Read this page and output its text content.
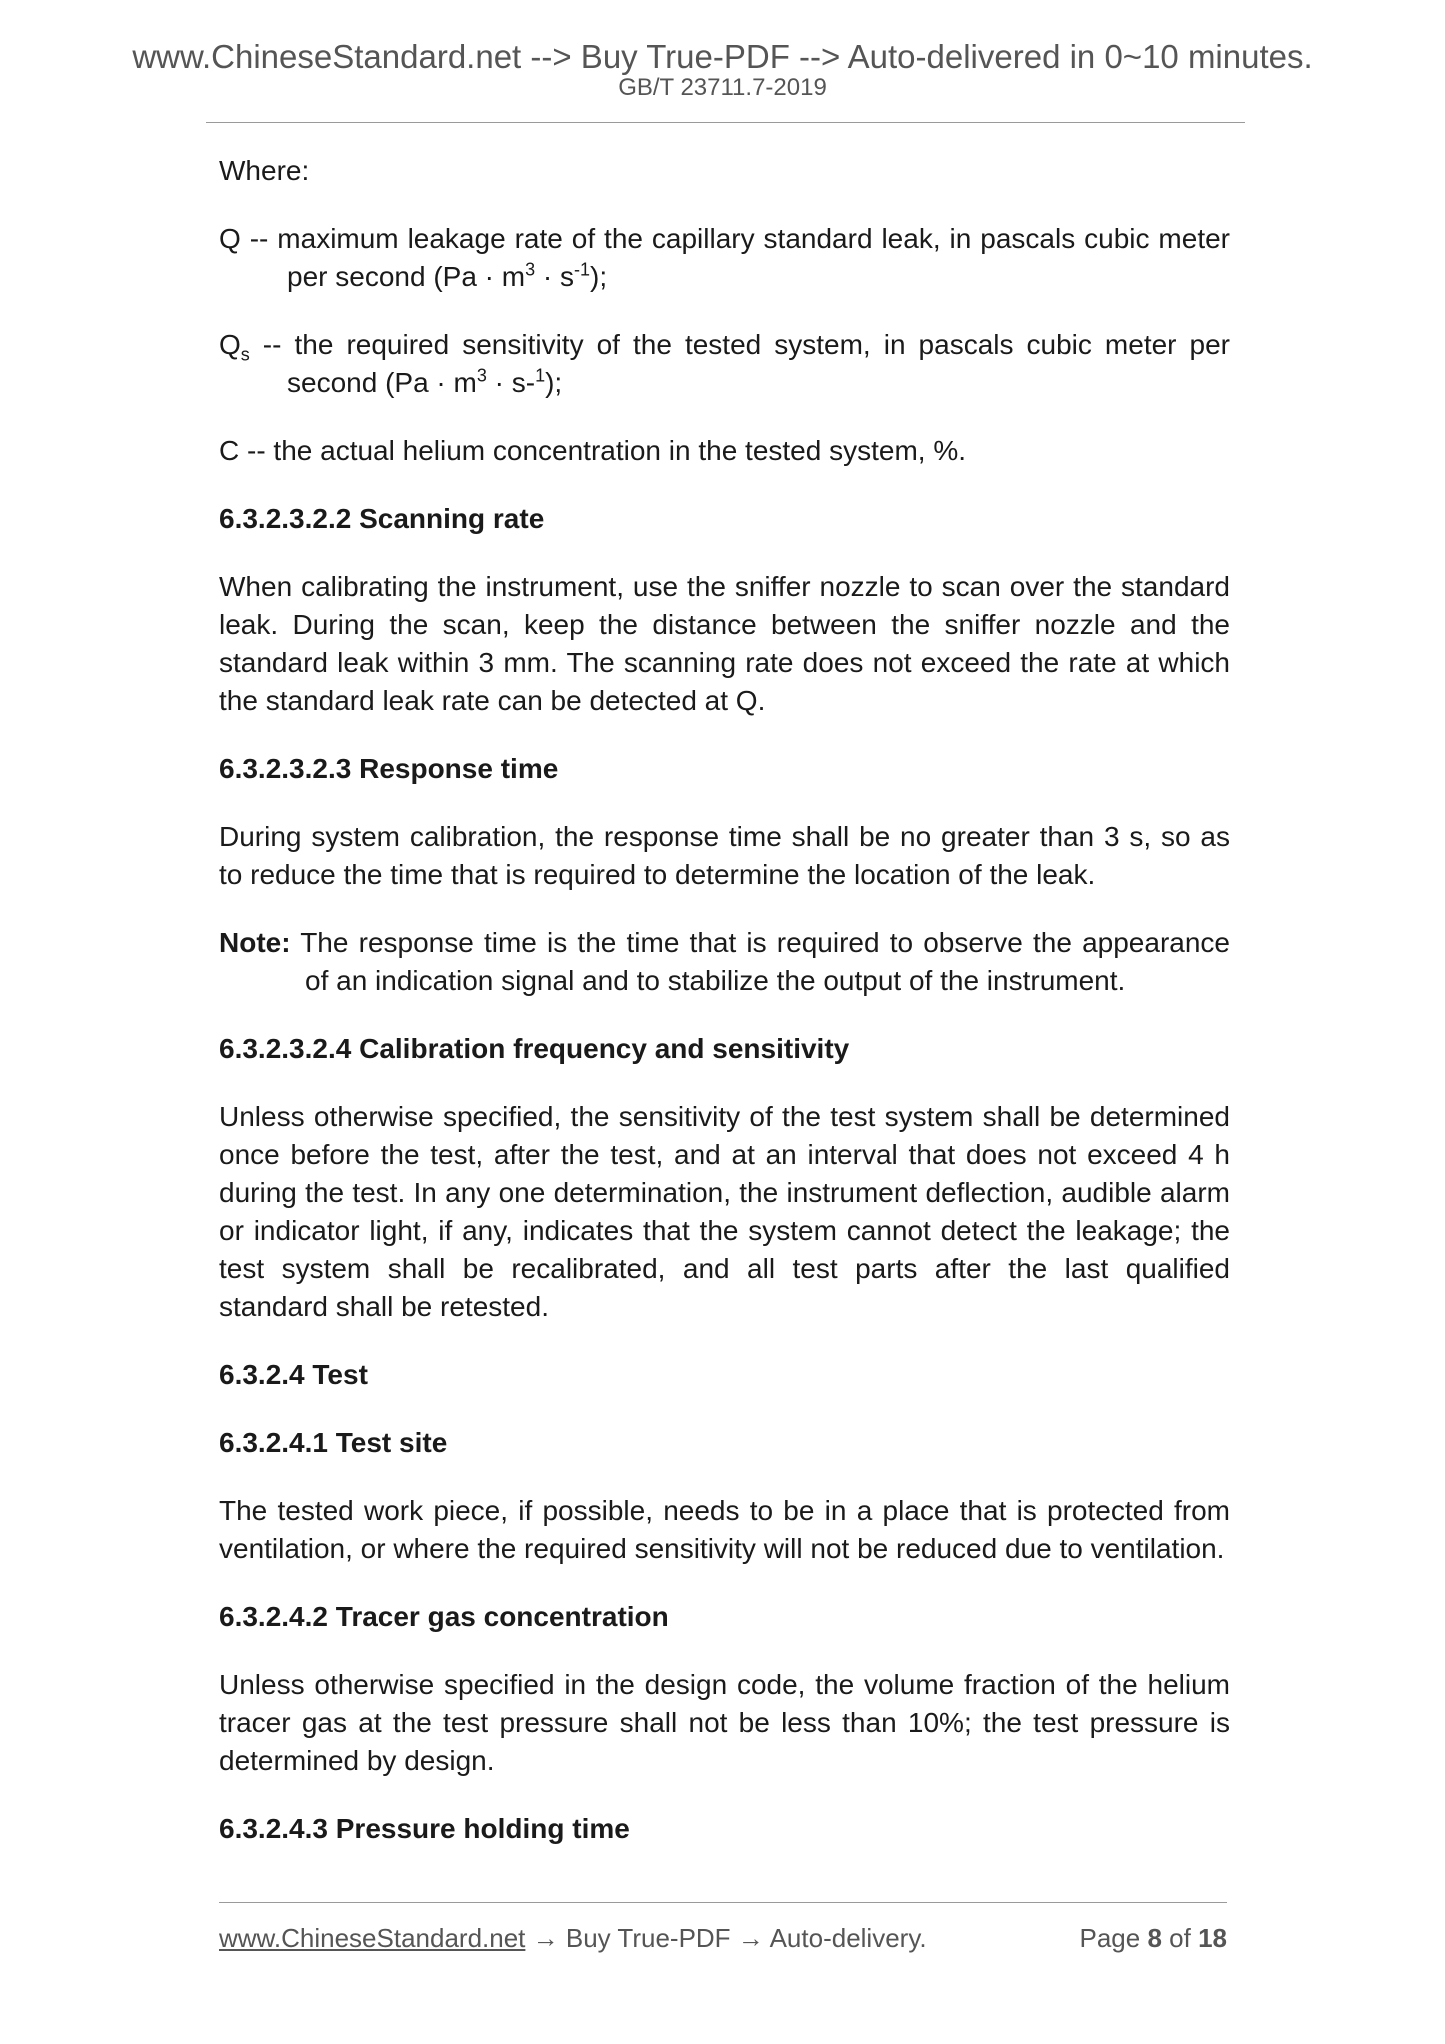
www.ChineseStandard.net --> Buy True-PDF --> Auto-delivered in 0~10 minutes.
GB/T 23711.7-2019

Where:

Q -- maximum leakage rate of the capillary standard leak, in pascals cubic meter per second $(Pa \cdot m^3 \cdot s^{-1})$;

$Q_s$ -- the required sensitivity of the tested system, in pascals cubic meter per second $(Pa \cdot m^3 \cdot s-^1)$;

C -- the actual helium concentration in the tested system, %.

6.3.2.3.2.2 Scanning rate

When calibrating the instrument, use the sniffer nozzle to scan over the standard leak. During the scan, keep the distance between the sniffer nozzle and the standard leak within 3 mm. The scanning rate does not exceed the rate at which the standard leak rate can be detected at Q.

6.3.2.3.2.3 Response time

During system calibration, the response time shall be no greater than 3 s, so as to reduce the time that is required to determine the location of the leak.

Note: The response time is the time that is required to observe the appearance of an indication signal and to stabilize the output of the instrument.

6.3.2.3.2.4 Calibration frequency and sensitivity

Unless otherwise specified, the sensitivity of the test system shall be determined once before the test, after the test, and at an interval that does not exceed 4 h during the test. In any one determination, the instrument deflection, audible alarm or indicator light, if any, indicates that the system cannot detect the leakage; the test system shall be recalibrated, and all test parts after the last qualified standard shall be retested.

6.3.2.4 Test

6.3.2.4.1 Test site

The tested work piece, if possible, needs to be in a place that is protected from ventilation, or where the required sensitivity will not be reduced due to ventilation.

6.3.2.4.2 Tracer gas concentration

Unless otherwise specified in the design code, the volume fraction of the helium tracer gas at the test pressure shall not be less than 10%; the test pressure is determined by design.

6.3.2.4.3 Pressure holding time

www.ChineseStandard.net → Buy True-PDF → Auto-delivery.	Page 8 of 18
